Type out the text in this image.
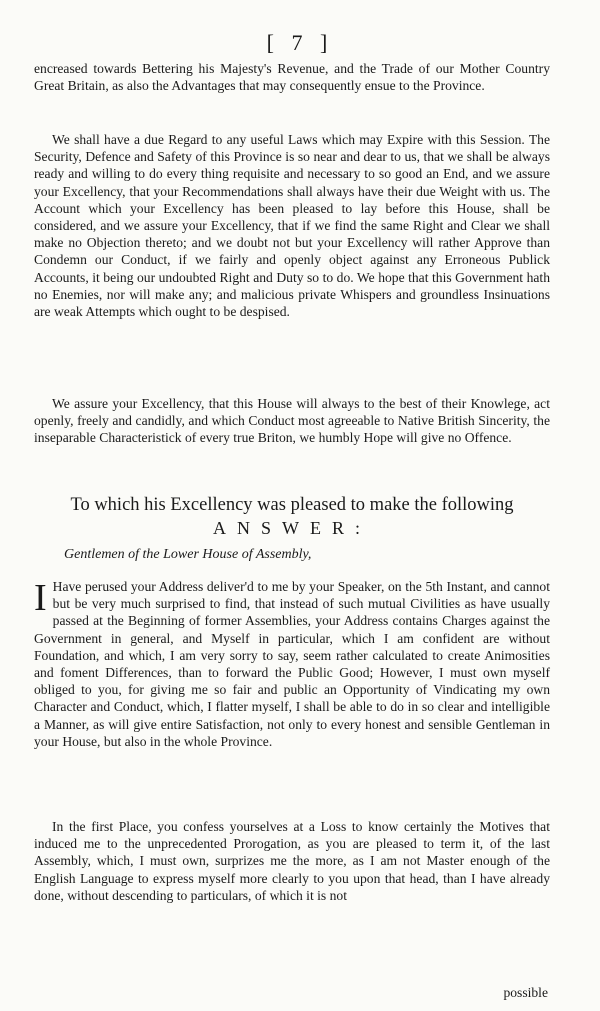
[ 7 ]

encreased towards Bettering his Majesty's Revenue, and the Trade of our Mother Country Great Britain, as also the Advantages that may consequently ensue to the Province.

We shall have a due Regard to any useful Laws which may Expire with this Session. The Security, Defence and Safety of this Province is so near and dear to us, that we shall be always ready and willing to do every thing requisite and necessary to so good an End, and we assure your Excellency, that your Recommendations shall always have their due Weight with us. The Account which your Excellency has been pleased to lay before this House, shall be considered, and we assure your Excellency, that if we find the same Right and Clear we shall make no Objection thereto; and we doubt not but your Excellency will rather Approve than Condemn our Conduct, if we fairly and openly object against any Erroneous Publick Accounts, it being our undoubted Right and Duty so to do. We hope that this Government hath no Enemies, nor will make any; and malicious private Whispers and groundless Insinuations are weak Attempts which ought to be despised.

We assure your Excellency, that this House will always to the best of their Knowlege, act openly, freely and candidly, and which Conduct most agreeable to Native British Sincerity, the inseparable Characteristick of every true Briton, we humbly Hope will give no Offence.

To which his Excellency was pleased to make the following
ANSWER:
Gentlemen of the Lower House of Assembly,
I Have perused your Address deliver'd to me by your Speaker, on the 5th Instant, and cannot but be very much surprised to find, that instead of such mutual Civilities as have usually passed at the Beginning of former Assemblies, your Address contains Charges against the Government in general, and Myself in particular, which I am confident are without Foundation, and which, I am very sorry to say, seem rather calculated to create Animosities and foment Differences, than to forward the Public Good; However, I must own myself obliged to you, for giving me so fair and public an Opportunity of Vindicating my own Character and Conduct, which, I flatter myself, I shall be able to do in so clear and intelligible a Manner, as will give entire Satisfaction, not only to every honest and sensible Gentleman in your House, but also in the whole Province.

In the first Place, you confess yourselves at a Loss to know certainly the Motives that induced me to the unprecedented Prorogation, as you are pleased to term it, of the last Assembly, which, I must own, surprizes me the more, as I am not Master enough of the English Language to express myself more clearly to you upon that head, than I have already done, without descending to particulars, of which it is not

possible
